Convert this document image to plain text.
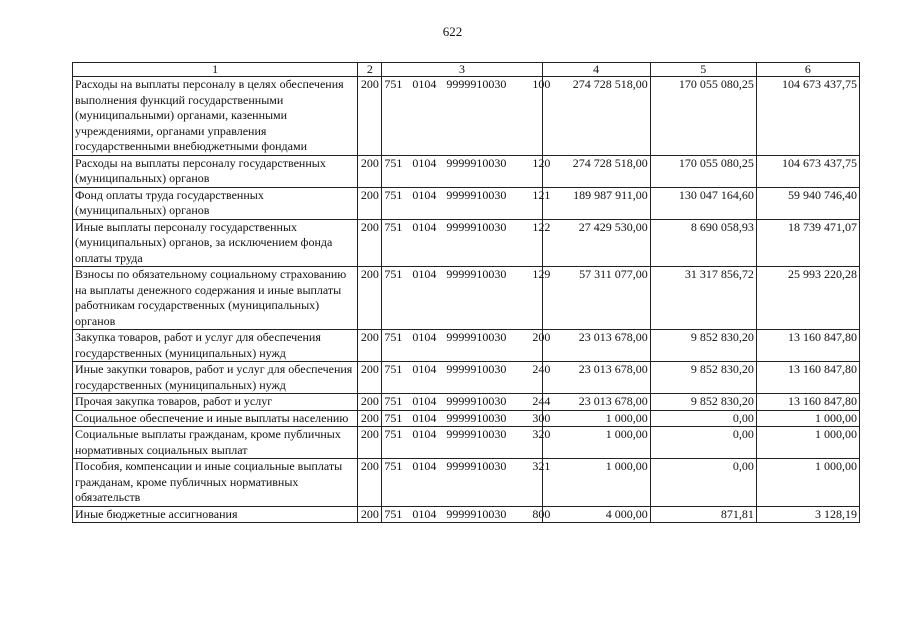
622
1	2	3	4	5	6
Расходы на выплаты персоналу в целях обеспечения выполнения функций государственными (муниципальными) органами, казенными учреждениями, органами управления государственными внебюджетными фондами	200	751 0104 9999910030 100	274 728 518,00	170 055 080,25	104 673 437,75
Расходы на выплаты персоналу государственных (муниципальных) органов	200	751 0104 9999910030 120	274 728 518,00	170 055 080,25	104 673 437,75
Фонд оплаты труда государственных (муниципальных) органов	200	751 0104 9999910030 121	189 987 911,00	130 047 164,60	59 940 746,40
Иные выплаты персоналу государственных (муниципальных) органов, за исключением фонда оплаты труда	200	751 0104 9999910030 122	27 429 530,00	8 690 058,93	18 739 471,07
Взносы по обязательному социальному страхованию на выплаты денежного содержания и иные выплаты работникам государственных (муниципальных) органов	200	751 0104 9999910030 129	57 311 077,00	31 317 856,72	25 993 220,28
Закупка товаров, работ и услуг для обеспечения государственных (муниципальных) нужд	200	751 0104 9999910030 200	23 013 678,00	9 852 830,20	13 160 847,80
Иные закупки товаров, работ и услуг для обеспечения государственных (муниципальных) нужд	200	751 0104 9999910030 240	23 013 678,00	9 852 830,20	13 160 847,80
Прочая закупка товаров, работ и услуг	200	751 0104 9999910030 244	23 013 678,00	9 852 830,20	13 160 847,80
Социальное обеспечение и иные выплаты населению	200	751 0104 9999910030 300	1 000,00	0,00	1 000,00
Социальные выплаты гражданам, кроме публичных нормативных социальных выплат	200	751 0104 9999910030 320	1 000,00	0,00	1 000,00
Пособия, компенсации и иные социальные выплаты гражданам, кроме публичных нормативных обязательств	200	751 0104 9999910030 321	1 000,00	0,00	1 000,00
Иные бюджетные ассигнования	200	751 0104 9999910030 800	4 000,00	871,81	3 128,19
